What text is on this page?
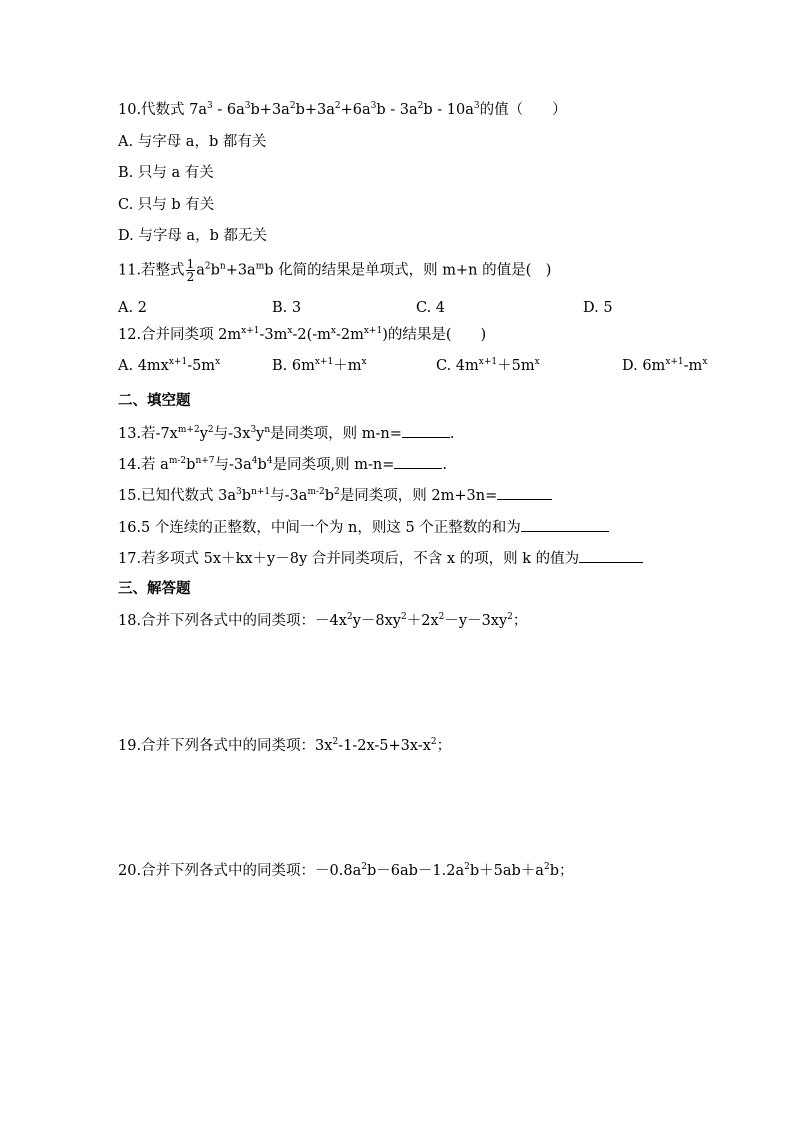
10.代数式 $7a^3 - 6a^3b+3a^2b+3a^2+6a^3b - 3a^2b - 10a^3$的值（　　）
A. 与字母 a，b 都有关
B. 只与 a 有关
C. 只与 b 有关
D. 与字母 a，b 都无关
11.若整式 $\frac{1}{2} a^2b^n+3a^mb$ 化简的结果是单项式，则 m+n 的值是(　)
A. 2	B. 3	C. 4	D. 5
12.合并同类项 $2m^{x+1}-3m^x-2(-m^x-2m^{x+1})$的结果是(　　)
A. $4mx^{x+1}-5m^x$	B. $6m^{x+1}+m^x$	C. $4m^{x+1}+5m^x$	D. $6m^{x+1}-m^x$
二、填空题
13.若$-7x^{m+2}y^2$与$-3x^3y^n$是同类项，则 m-n=	.
14.若 $a^{m-2}b^{n+7}$与$-3a^4b^4$是同类项,则 m-n=	.
15.已知代数式 $3a^3b^{n+1}$与$-3a^{m-2}b^2$是同类项，则 2m+3n=
16.5 个连续的正整数，中间一个为 n，则这 5 个正整数的和为
17.若多项式 5x＋kx＋y－8y 合并同类项后，不含 x 的项，则 k 的值为
三、解答题
18.合并下列各式中的同类项：$-4x^2y-8xy^2+2x^2-y-3xy^2$；
19.合并下列各式中的同类项：$3x^2-1-2x-5+3x-x^2$；
20.合并下列各式中的同类项：$-0.8a^2b-6ab-1.2a^2b+5ab+a^2b$；
